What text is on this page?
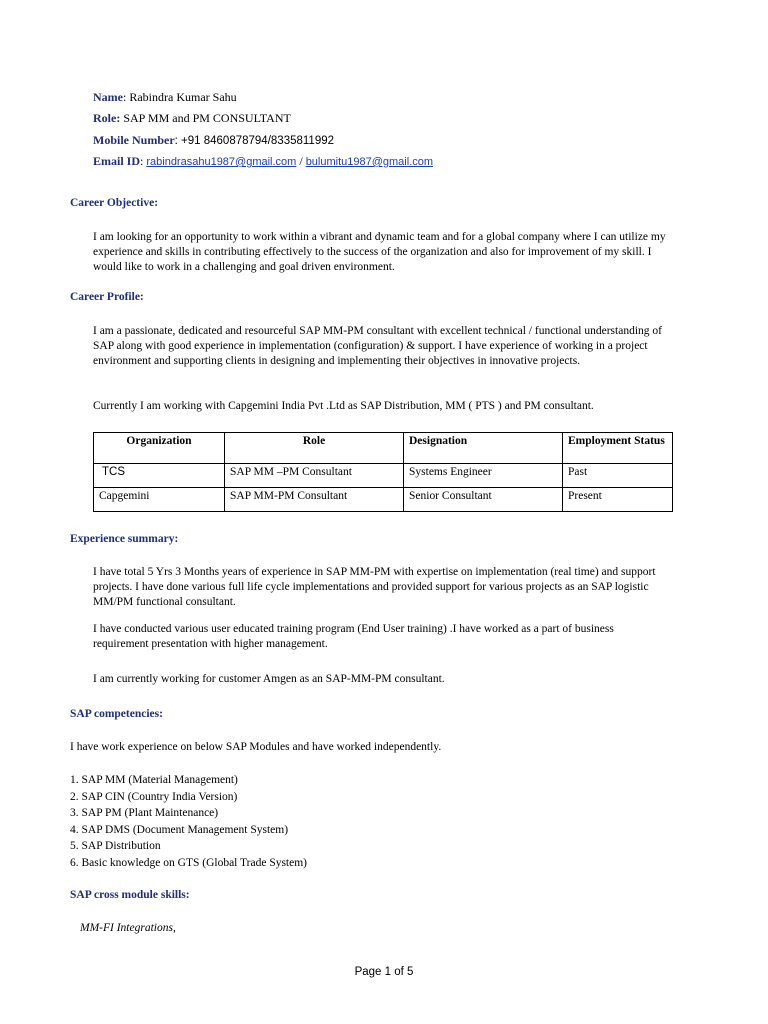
Name: Rabindra Kumar Sahu
Role: SAP MM and PM CONSULTANT
Mobile Number: +91 8460878794/8335811992
Email ID: rabindrasahu1987@gmail.com / bulumitu1987@gmail.com
Career Objective:
I am looking for an opportunity to work within a vibrant and dynamic team and for a global company where I can utilize my experience and skills in contributing effectively to the success of the organization and also for improvement of my skill. I would like to work in a challenging and goal driven environment.
Career Profile:
I am a passionate, dedicated and resourceful SAP MM-PM consultant with excellent technical / functional understanding of SAP along with good experience in implementation (configuration) & support. I have experience of working in a project environment and supporting clients in designing and implementing their objectives in innovative projects.
Currently I am working with Capgemini India Pvt .Ltd as SAP Distribution, MM ( PTS ) and PM consultant.
Organization	Role	Designation	Employment Status
TCS	SAP MM –PM Consultant	Systems Engineer	Past
Capgemini	SAP MM-PM Consultant	Senior Consultant	Present
Experience summary:
I have total 5 Yrs 3 Months years of experience in SAP MM-PM with expertise on implementation (real time) and support projects. I have done various full life cycle implementations and provided support for various projects as an SAP logistic MM/PM functional consultant.
I have conducted various user educated training program (End User training) .I have worked as a part of business requirement presentation with higher management.
I am currently working for customer Amgen as an SAP-MM-PM consultant.
SAP competencies:
I have work experience on below SAP Modules and have worked independently.
1. SAP MM (Material Management)
2. SAP CIN (Country India Version)
3. SAP PM (Plant Maintenance)
4. SAP DMS (Document Management System)
5. SAP Distribution
6. Basic knowledge on GTS (Global Trade System)
SAP cross module skills:
MM-FI Integrations,
Page 1 of 5
